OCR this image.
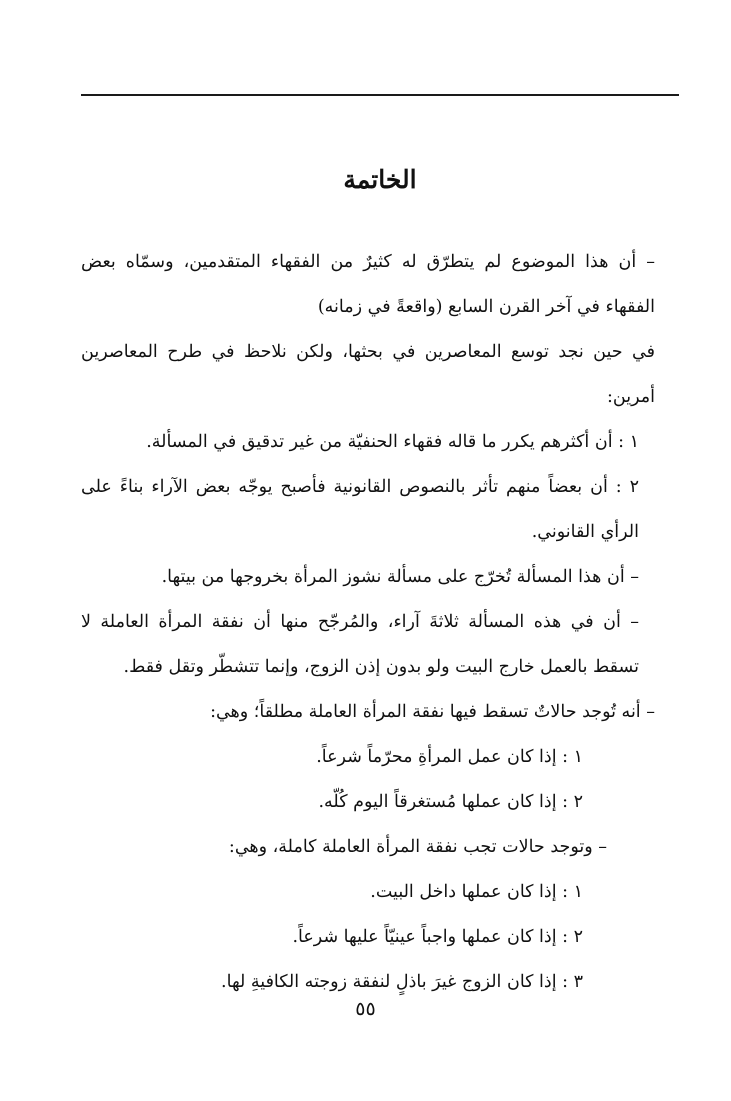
الخاتمة

– أن هذا الموضوع لم يتطرّق له كثيرٌ من الفقهاء المتقدمين، وسمّاه بعض الفقهاء في آخر القرن السابع (واقعةً في زمانه)

في حين نجد توسع المعاصرين في بحثها، ولكن نلاحظ في طرح المعاصرين أمرين:

١ : أن أكثرهم يكرر ما قاله فقهاء الحنفيّة من غير تدقيق في المسألة.

٢ : أن بعضاً منهم تأثر بالنصوص القانونية فأصبح يوجّه بعض الآراء بناءً على الرأي القانوني.

– أن هذا المسألة تُخرّج على مسألة نشوز المرأة بخروجها من بيتها.

– أن في هذه المسألة ثلاثةَ آراء، والمُرجّح منها أن نفقة المرأة العاملة لا تسقط بالعمل خارج البيت ولو بدون إذن الزوج، وإنما تتشطّر وتقل فقط.

– أنه تُوجد حالاتٌ تسقط فيها نفقة المرأة العاملة مطلقاً؛ وهي:

١ : إذا كان عمل المرأةِ محرّماً شرعاً.

٢ : إذا كان عملها مُستغرقاً اليوم كُلّه.

– وتوجد حالات تجب نفقة المرأة العاملة كاملة، وهي:

١ : إذا كان عملها داخل البيت.

٢ : إذا كان عملها واجباً عينيّاً عليها شرعاً.

٣ : إذا كان الزوج غيرَ باذلٍ لنفقة زوجته الكافيةِ لها.

٥٥
